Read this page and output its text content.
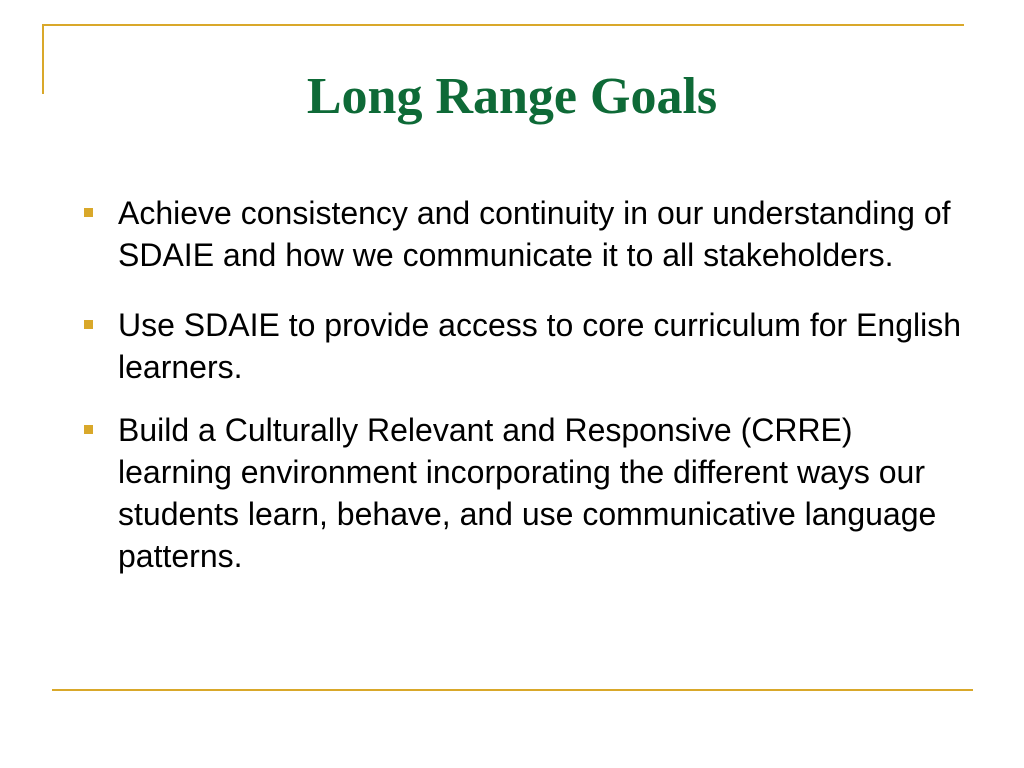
Long Range Goals
Achieve consistency and continuity in our understanding of SDAIE and how we communicate it to all stakeholders.
Use SDAIE to provide access to core curriculum for English learners.
Build a Culturally Relevant and Responsive (CRRE) learning environment incorporating the different ways our students learn, behave, and use communicative language patterns.
